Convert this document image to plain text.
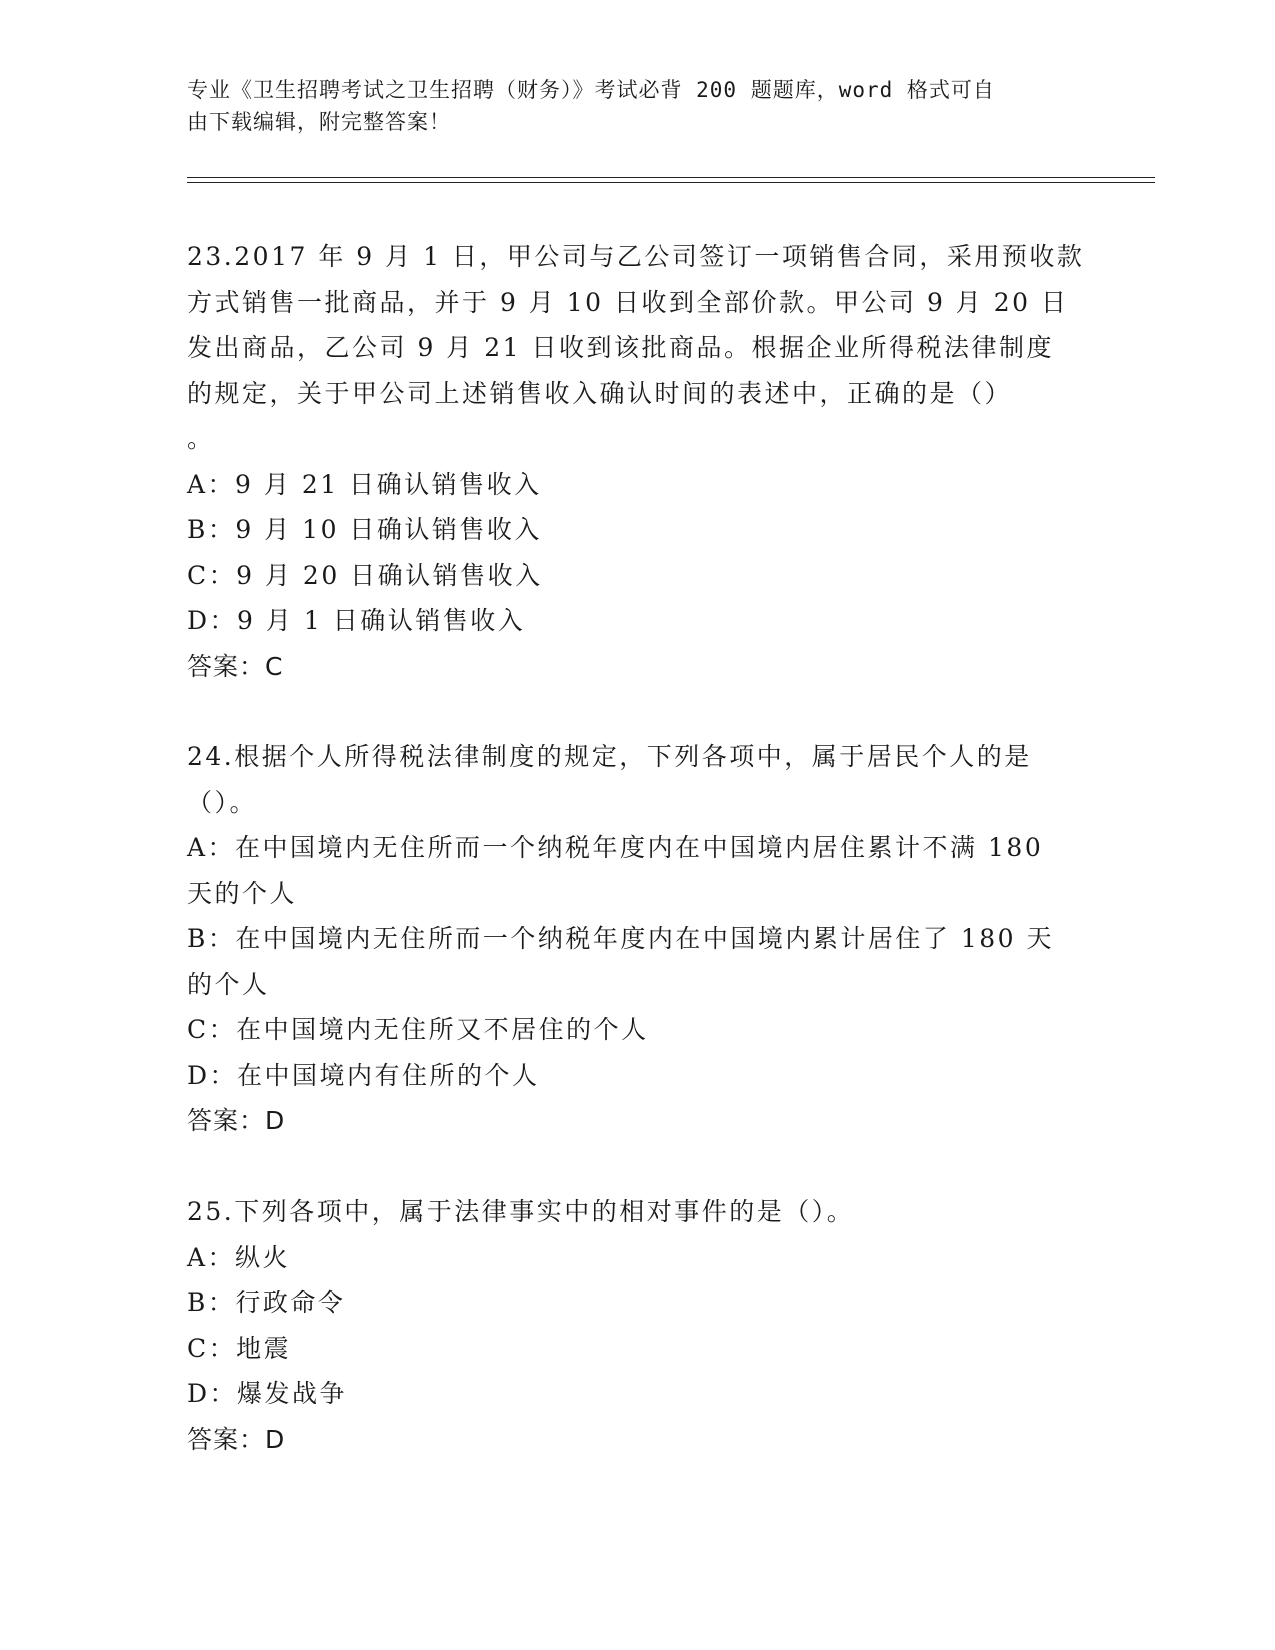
专业《卫生招聘考试之卫生招聘（财务）》考试必背 200 题题库，word 格式可自
由下载编辑，附完整答案！
23.2017 年 9 月 1 日，甲公司与乙公司签订一项销售合同，采用预收款
方式销售一批商品，并于 9 月 10 日收到全部价款。甲公司 9 月 20 日
发出商品，乙公司 9 月 21 日收到该批商品。根据企业所得税法律制度
的规定，关于甲公司上述销售收入确认时间的表述中，正确的是（）
。
A：9 月 21 日确认销售收入
B：9 月 10 日确认销售收入
C：9 月 20 日确认销售收入
D：9 月 1 日确认销售收入
答案：C
24.根据个人所得税法律制度的规定，下列各项中，属于居民个人的是
（）。
A：在中国境内无住所而一个纳税年度内在中国境内居住累计不满 180
天的个人
B：在中国境内无住所而一个纳税年度内在中国境内累计居住了 180 天
的个人
C：在中国境内无住所又不居住的个人
D：在中国境内有住所的个人
答案：D
25.下列各项中，属于法律事实中的相对事件的是（）。
A：纵火
B：行政命令
C：地震
D：爆发战争
答案：D
